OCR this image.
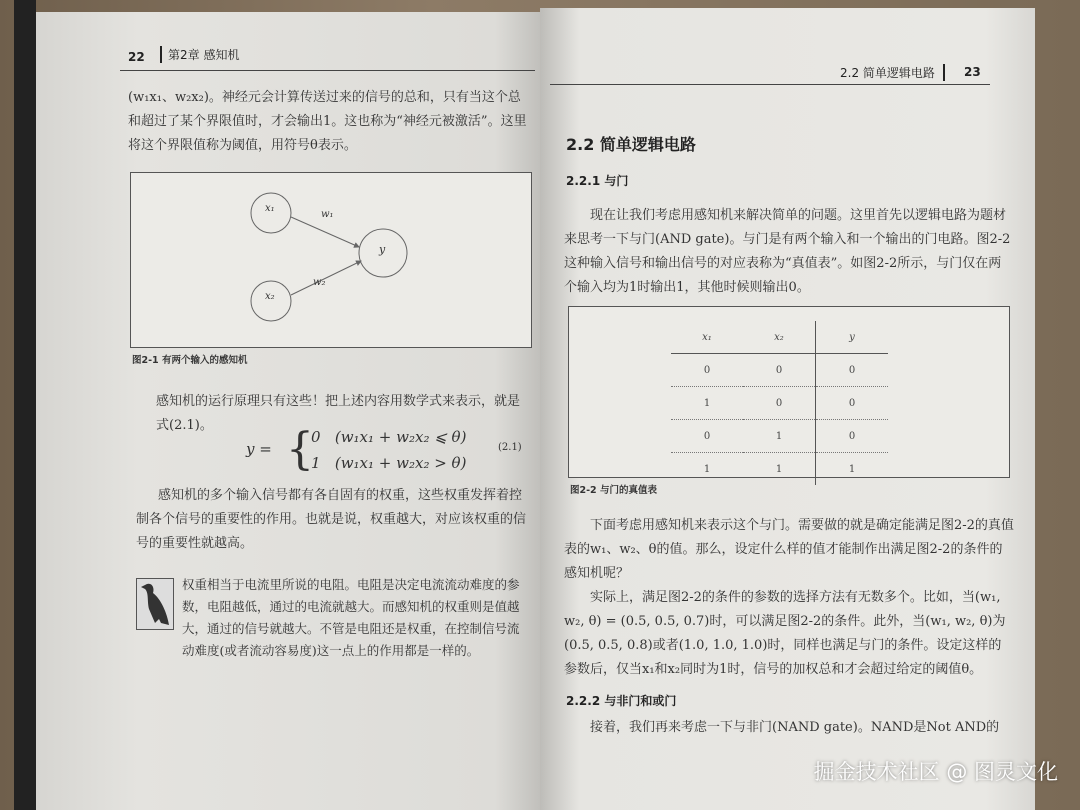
22	第2章 感知机

(w₁x₁、w₂x₂)。神经元会计算传送过来的信号的总和，只有当这个总和超过了某个界限值时，才会输出1。这也称为“神经元被激活”。这里将这个界限值称为阈值，用符号θ表示。

x₁
x₂
y
w₁
w₂
图2-1 有两个输入的感知机

感知机的运行原理只有这些！把上述内容用数学式来表示，就是式(2.1)。

y = {
0   (w₁x₁ + w₂x₂ ⩽ θ)
1   (w₁x₁ + w₂x₂ > θ)
(2.1)

感知机的多个输入信号都有各自固有的权重，这些权重发挥着控制各个信号的重要性的作用。也就是说，权重越大，对应该权重的信号的重要性就越高。

权重相当于电流里所说的电阻。电阻是决定电流流动难度的参数，电阻越低，通过的电流就越大。而感知机的权重则是值越大，通过的信号就越大。不管是电阻还是权重，在控制信号流动难度(或者流动容易度)这一点上的作用都是一样的。

2.2 简单逻辑电路	23
2.2 简单逻辑电路
2.2.1 与门

现在让我们考虑用感知机来解决简单的问题。这里首先以逻辑电路为题材来思考一下与门(AND gate)。与门是有两个输入和一个输出的门电路。图2-2这种输入信号和输出信号的对应表称为“真值表”。如图2-2所示，与门仅在两个输入均为1时输出1，其他时候则输出0。

x₁	x₂	y
0	0	0
1	0	0
0	1	0
1	1	1
图2-2 与门的真值表

下面考虑用感知机来表示这个与门。需要做的就是确定能满足图2-2的真值表的w₁、w₂、θ的值。那么，设定什么样的值才能制作出满足图2-2的条件的感知机呢？

实际上，满足图2-2的条件的参数的选择方法有无数多个。比如，当(w₁, w₂, θ) = (0.5, 0.5, 0.7)时，可以满足图2-2的条件。此外，当(w₁, w₂, θ)为(0.5, 0.5, 0.8)或者(1.0, 1.0, 1.0)时，同样也满足与门的条件。设定这样的参数后，仅当x₁和x₂同时为1时，信号的加权总和才会超过给定的阈值θ。

2.2.2 与非门和或门

接着，我们再来考虑一下与非门(NAND gate)。NAND是Not AND的

掘金技术社区 @ 图灵文化
